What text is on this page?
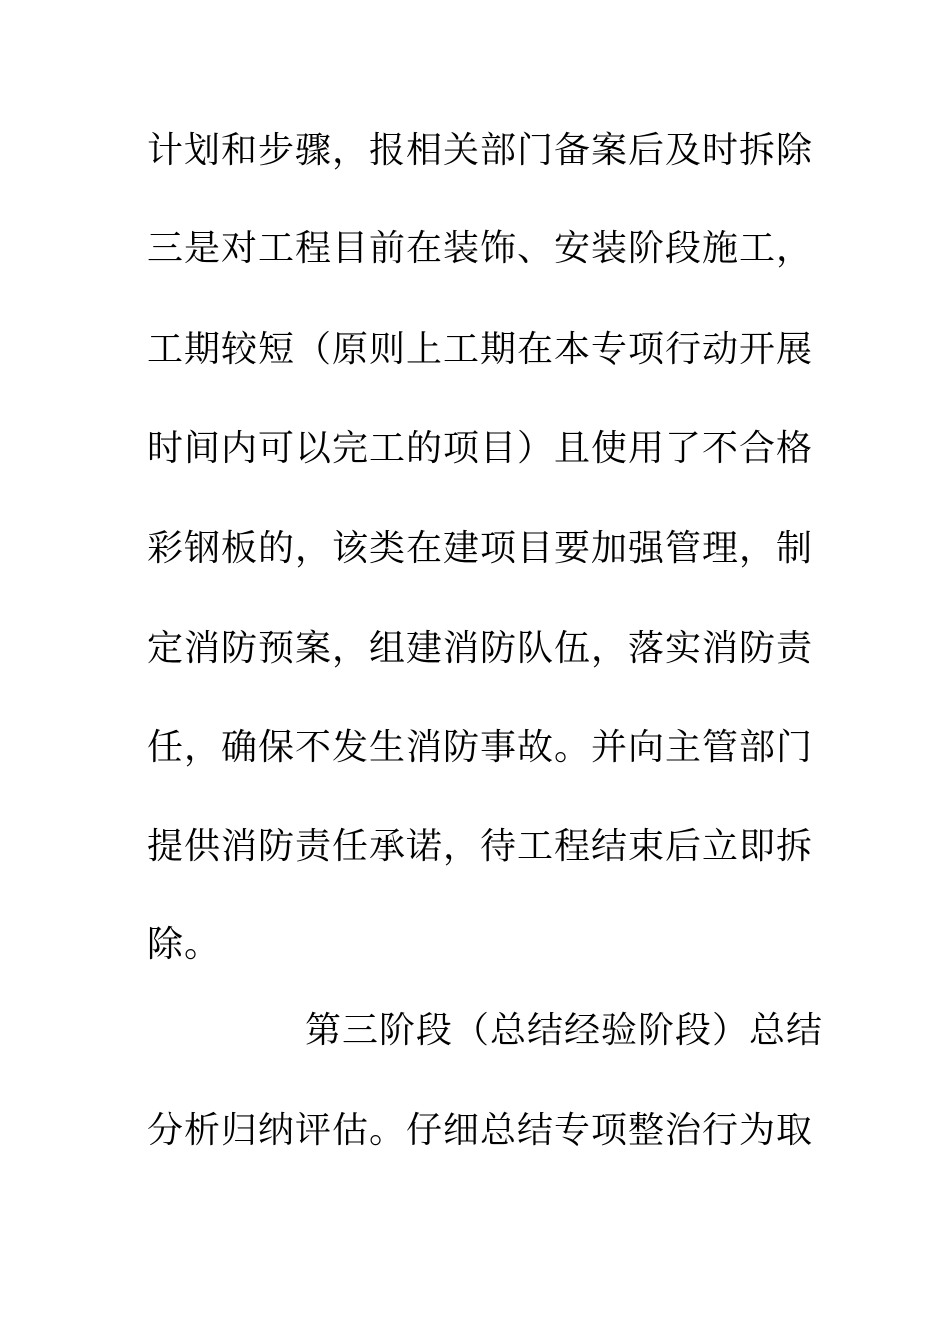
计划和步骤，报相关部门备案后及时拆除
三是对工程目前在装饰、安装阶段施工，
工期较短（原则上工期在本专项行动开展
时间内可以完工的项目）且使用了不合格
彩钢板的，该类在建项目要加强管理，制
定消防预案，组建消防队伍，落实消防责
任，确保不发生消防事故。并向主管部门
提供消防责任承诺，待工程结束后立即拆
除。
第三阶段（总结经验阶段）总结
分析归纳评估。仔细总结专项整治行为取
